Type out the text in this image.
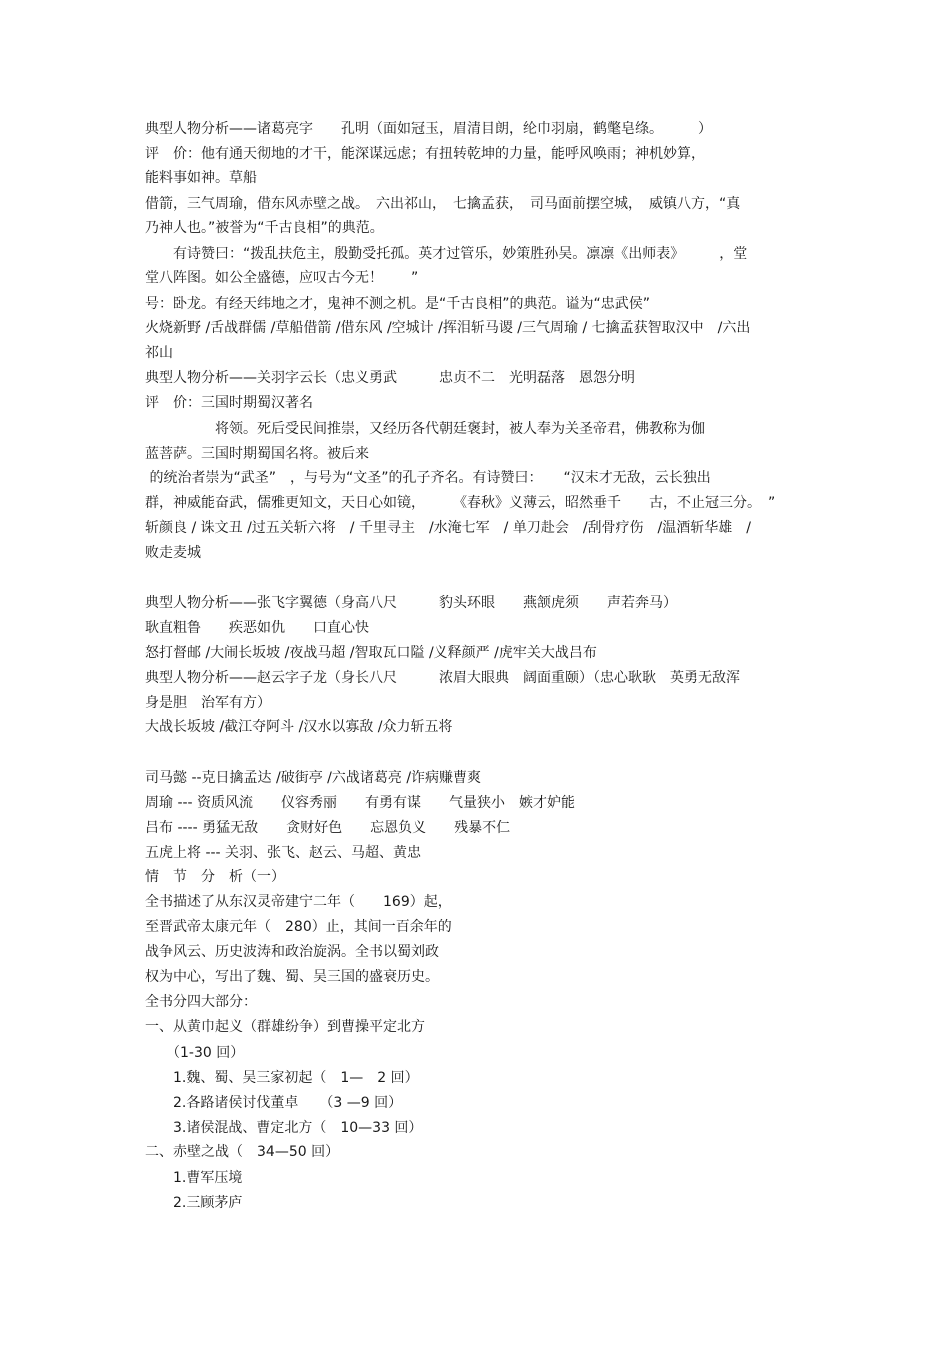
典型人物分析——诸葛亮字　　孔明（面如冠玉，眉清目朗，纶巾羽扇，鹤氅皂绦。　　　）

评　价：他有通天彻地的才干，能深谋远虑；有扭转乾坤的力量，能呼风唤雨；神机妙算，

能料事如神。草船

借箭，三气周瑜，借东风赤壁之战。　六出祁山，　七擒孟获，　司马面前摆空城，　威镇八方，“真

乃神人也。”被誉为“千古良相”的典范。

　　有诗赞曰：“拨乱扶危主，殷勤受托孤。英才过管乐，妙策胜孙吴。凛凛《出师表》　　　，堂

堂八阵图。如公全盛德，应叹古今无！　　”

号：卧龙。有经天纬地之才，鬼神不测之机。是“千古良相”的典范。谥为“忠武侯”

火烧新野 /舌战群儒 /草船借箭 /借东风 /空城计 /挥泪斩马谡 /三气周瑜 / 七擒孟获智取汉中　/六出

祁山

典型人物分析——关羽字云长（忠义勇武　　　忠贞不二　光明磊落　恩怨分明

评　价：三国时期蜀汉著名

　　　　　将领。死后受民间推崇，又经历各代朝廷褒封，被人奉为关圣帝君，佛教称为伽

蓝菩萨。三国时期蜀国名将。被后来

的统治者崇为“武圣”　，与号为“文圣”的孔子齐名。有诗赞曰：　　“汉末才无敌，云长独出

群，神威能奋武，儒雅更知文，天日心如镜，　　　《春秋》义薄云，昭然垂千　　古，不止冠三分。　”

斩颜良 / 诛文丑 /过五关斩六将　/ 千里寻主　/水淹七军　/ 单刀赴会　/刮骨疗伤　/温酒斩华雄　/

败走麦城

典型人物分析——张飞字翼德（身高八尺　　　豹头环眼　　燕颔虎须　　声若奔马）

耿直粗鲁　　疾恶如仇　　口直心快

怒打督邮 /大闹长坂坡 /夜战马超 /智取瓦口隘 /义释颜严 /虎牢关大战吕布

典型人物分析——赵云字子龙（身长八尺　　　浓眉大眼典　阔面重颐）（忠心耿耿　英勇无敌浑

身是胆　治军有方）

大战长坂坡 /截江夺阿斗 /汉水以寡敌 /众力斩五将

司马懿 --克日擒孟达 /破街亭 /六战诸葛亮 /诈病赚曹爽

周瑜 --- 资质风流　　仪容秀丽　　有勇有谋　　气量狭小　嫉才妒能

吕布 ---- 勇猛无敌　　贪财好色　　忘恩负义　　残暴不仁

五虎上将 --- 关羽、张飞、赵云、马超、黄忠

情　节　分　析（一）

全书描述了从东汉灵帝建宁二年（　　169）起，

至晋武帝太康元年（　280）止，其间一百余年的

战争风云、历史波涛和政治旋涡。全书以蜀刘政

权为中心，写出了魏、蜀、吴三国的盛衰历史。

全书分四大部分：

一、从黄巾起义（群雄纷争）到曹操平定北方

　　（1-30 回）

　　1.魏、蜀、吴三家初起（　1—　2 回）

　　2.各路诸侯讨伐董卓　　（3 —9 回）

　　3.诸侯混战、曹定北方（　10—33 回）

二、赤壁之战（　34—50 回）

　　1.曹军压境

　　2.三顾茅庐
